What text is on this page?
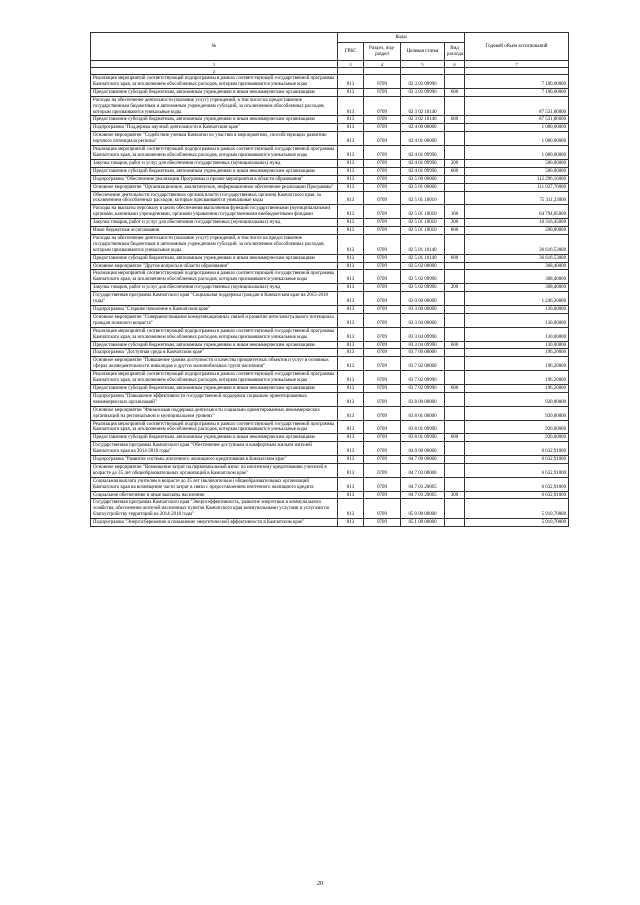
№	Коды				Годовой объем ассигнований
	ГРБС	Раздел, под- раздел	Целевая статья	Вид расхода	
1	3	4	5	6	7
2					
Реализация мероприятий соответствующей подпрограммы в рамках соответствующей государственной программы Камчатского края, за исключением обособленных расходов, которым присваиваются уникальные коды	813	0709	02 3 02 09990		7 100,00000
Предоставление субсидий бюджетным, автономным учреждениям и иным некоммерческим организациям	813	0709	02 3 02 09990	600	7 100,00000
Расходы на обеспечение деятельности (оказание услуг) учреждений, в том числе на предоставление государственным бюджетным и автономным учреждениям субсидий, за исключением обособленных расходов, которым присваиваются уникальные коды	813	0709	02 3 02 10140		87 531,86000
Предоставление субсидий бюджетным, автономным учреждениям и иным некоммерческим организациям	813	0709	02 3 02 10140	600	87 531,86000
Подпрограмма "Поддержка научной деятельности в Камчатском крае"	813	0709	02 4 00 00000		1 000,00000
Основное мероприятие "Содействие ученым Камчатки по участию в мероприятиях, способствующих развитию научного потенциала региона"	813	0709	02 4 01 00000		1 000,00000
Реализация мероприятий соответствующей подпрограммы в рамках соответствующей государственной программы Камчатского края, за исключением обособленных расходов, которым присваиваются уникальные коды	813	0709	02 4 01 09990		1 000,00000
Закупка товаров, работ и услуг для обеспечения государственных (муниципальных) нужд	813	0709	02 4 01 09990	200	500,00000
Предоставление субсидий бюджетным, автономным учреждениям и иным некоммерческим организациям	813	0709	02 4 01 09990	600	500,00000
Подпрограмма "Обеспечение реализации Программы и прочие мероприятия в области образования"	813	0709	02 5 00 00000		112 296,16000
Основное мероприятие "Организационное, аналитическое, информационное обеспечение реализации Программы"	813	0709	02 5 01 00000		111 927,76000
Обеспечение деятельности государственных органов власти (государственных органов) Камчатского края, за исключением обособленных расходов, которым присваиваются уникальные коды	813	0709	02 5 01 10010		75 311,23000
Расходы на выплаты персоналу в целях обеспечения выполнения функций государственными (муниципальными) органами, казенными учреждениями, органами управления государственными внебюджетными фондами	813	0709	02 5 01 10010	100	64 794,85000
Закупка товаров, работ и услуг для обеспечения государственных (муниципальных) нужд	813	0709	02 5 01 10010	200	10 316,45000
Иные бюджетные ассигнования	813	0709	02 5 01 10010	800	200,00000
Расходы на обеспечение деятельности (оказание услуг) учреждений, в том числе на предоставление государственным бюджетным и автономным учреждениям субсидий, за исключением обособленных расходов, которым присваиваются уникальные коды	813	0709	02 5 01 10140		36 616,53000
Предоставление субсидий бюджетным, автономным учреждениям и иным некоммерческим организациям	813	0709	02 5 01 10140	600	36 616,53000
Основное мероприятие "Другие вопросы в области образования"	813	0709	02 5 02 00000		368,40000
Реализация мероприятий соответствующей подпрограммы в рамках соответствующей государственной программы Камчатского края, за исключением обособленных расходов, которым присваиваются уникальные коды	813	0709	02 5 02 09990		368,40000
Закупка товаров, работ и услуг для обеспечения государственных (муниципальных) нужд	813	0709	02 5 02 09990	200	368,40000
Государственная программа Камчатского края "Социальная поддержка граждан в Камчатском крае на 2015-2018 годы"	813	0709	03 0 00 00000		1 246,20000
Подпрограмма "Старшее поколение в Камчатском крае"	813	0709	03 3 00 00000		130,00000
Основное мероприятие "Совершенствование коммуникационных связей и развитие интеллектуального потенциала граждан пожилого возраста"	813	0709	03 3 04 00000		130,00000
Реализация мероприятий соответствующей подпрограммы в рамках соответствующей государственной программы Камчатского края, за исключением обособленных расходов, которым присваиваются уникальные коды	813	0709	03 3 04 09990		130,00000
Предоставление субсидий бюджетным, автономным учреждениям и иным некоммерческим организациям	813	0709	03 3 04 09990	600	130,00000
Подпрограмма "Доступная среда в Камчатском крае"	813	0709	03 7 00 00000		196,20000
Основное мероприятие "Повышение уровня доступности и качества приоритетных объектов и услуг в основных сферах жизнедеятельности инвалидов и других маломобильных групп населения"	813	0709	03 7 02 00000		196,20000
Реализация мероприятий соответствующей подпрограммы в рамках соответствующей государственной программы Камчатского края, за исключением обособленных расходов, которым присваиваются уникальные коды	813	0709	03 7 02 09990		196,20000
Предоставление субсидий бюджетным, автономным учреждениям и иным некоммерческим организациям	813	0709	03 7 02 09990	600	196,20000
Подпрограмма "Повышение эффективности государственной поддержки социально ориентированных некоммерческих организаций"	813	0709	03 8 00 00000		920,00000
Основное мероприятие "Финансовая поддержка деятельности социально ориентированных некоммерческих организаций на региональном и муниципальном уровнях"	813	0709	03 8 01 00000		920,00000
Реализация мероприятий соответствующей подпрограммы в рамках соответствующей государственной программы Камчатского края, за исключением обособленных расходов, которым присваиваются уникальные коды	813	0709	03 8 01 09990		920,00000
Предоставление субсидий бюджетным, автономным учреждениям и иным некоммерческим организациям	813	0709	03 8 01 09990	600	920,00000
Государственная программа Камчатского края "Обеспечение доступным и комфортным жильем жителей Камчатского края на 2014-2018 годы"	813	0709	04 0 00 00000		6 632,91000
Подпрограмма "Развитие системы ипотечного жилищного кредитования в Камчатском крае"	813	0709	04 7 00 00000		6 632,91000
Основное мероприятие "Возмещение затрат на первоначальный взнос по ипотечному кредитованию учителей в возрасте до 35 лет общеобразовательных организаций в Камчатском крае"	813	0709	04 7 03 00000		6 632,91000
Социальная выплата учителям в возрасте до 35 лет (включительно) общеобразовательных организаций Камчатского края на возмещение части затрат в связи с предоставлением ипотечного жилищного кредита	813	0709	04 7 03 20065		6 632,91000
Социальное обеспечение и иные выплаты населению	813	0709	04 7 03 20065	300	6 632,91000
Государственная программа Камчатского края "Энергоэффективность, развитие энергетики и коммунального хозяйства, обеспечение жителей населенных пунктов Камчатского края коммунальными услугами и услугами по благоустройству территорий на 2014-2018 годы"	813	0709	05 0 00 00000		5 910,70000
Подпрограмма "Энергосбережение и повышение энергетической эффективности в Камчатском крае"	813	0709	05 1 00 00000		5 910,70000
20
